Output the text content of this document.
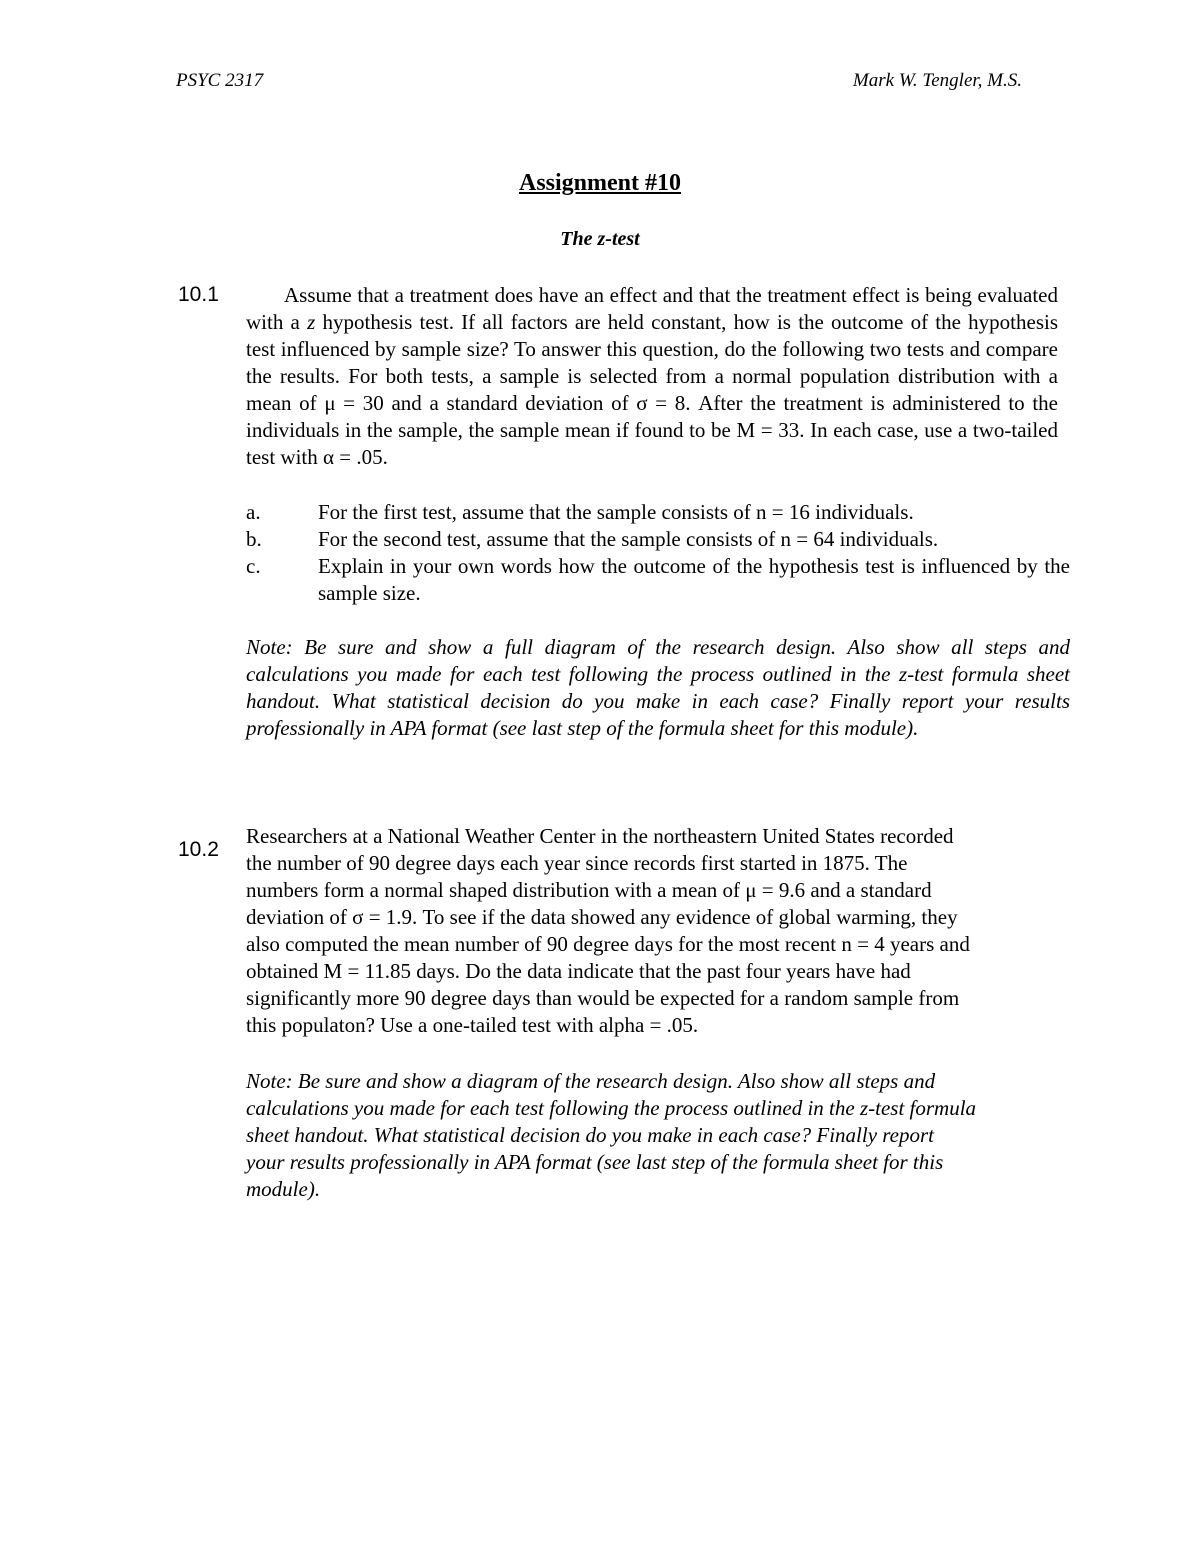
PSYC 2317	Mark W. Tengler, M.S.
Assignment #10
The z-test
10.1	Assume that a treatment does have an effect and that the treatment effect is being evaluated with a z hypothesis test. If all factors are held constant, how is the outcome of the hypothesis test influenced by sample size? To answer this question, do the following two tests and compare the results. For both tests, a sample is selected from a normal population distribution with a mean of μ = 30 and a standard deviation of σ = 8. After the treatment is administered to the individuals in the sample, the sample mean if found to be M = 33. In each case, use a two-tailed test with α = .05.
a.	For the first test, assume that the sample consists of n = 16 individuals.
b.	For the second test, assume that the sample consists of n = 64 individuals.
c.	Explain in your own words how the outcome of the hypothesis test is influenced by the sample size.
Note: Be sure and show a full diagram of the research design. Also show all steps and calculations you made for each test following the process outlined in the z-test formula sheet handout. What statistical decision do you make in each case? Finally report your results professionally in APA format (see last step of the formula sheet for this module).
10.2
Researchers at a National Weather Center in the northeastern United States recorded
the number of 90 degree days each year since records first started in 1875. The
numbers form a normal shaped distribution with a mean of μ = 9.6 and a standard
deviation of σ = 1.9. To see if the data showed any evidence of global warming, they
also computed the mean number of 90 degree days for the most recent n = 4 years and
obtained M = 11.85 days. Do the data indicate that the past four years have had
significantly more 90 degree days than would be expected for a random sample from
this populaton? Use a one-tailed test with alpha = .05.
Note: Be sure and show a diagram of the research design. Also show all steps and
calculations you made for each test following the process outlined in the z-test formula
sheet handout. What statistical decision do you make in each case? Finally report
your results professionally in APA format (see last step of the formula sheet for this
module).
